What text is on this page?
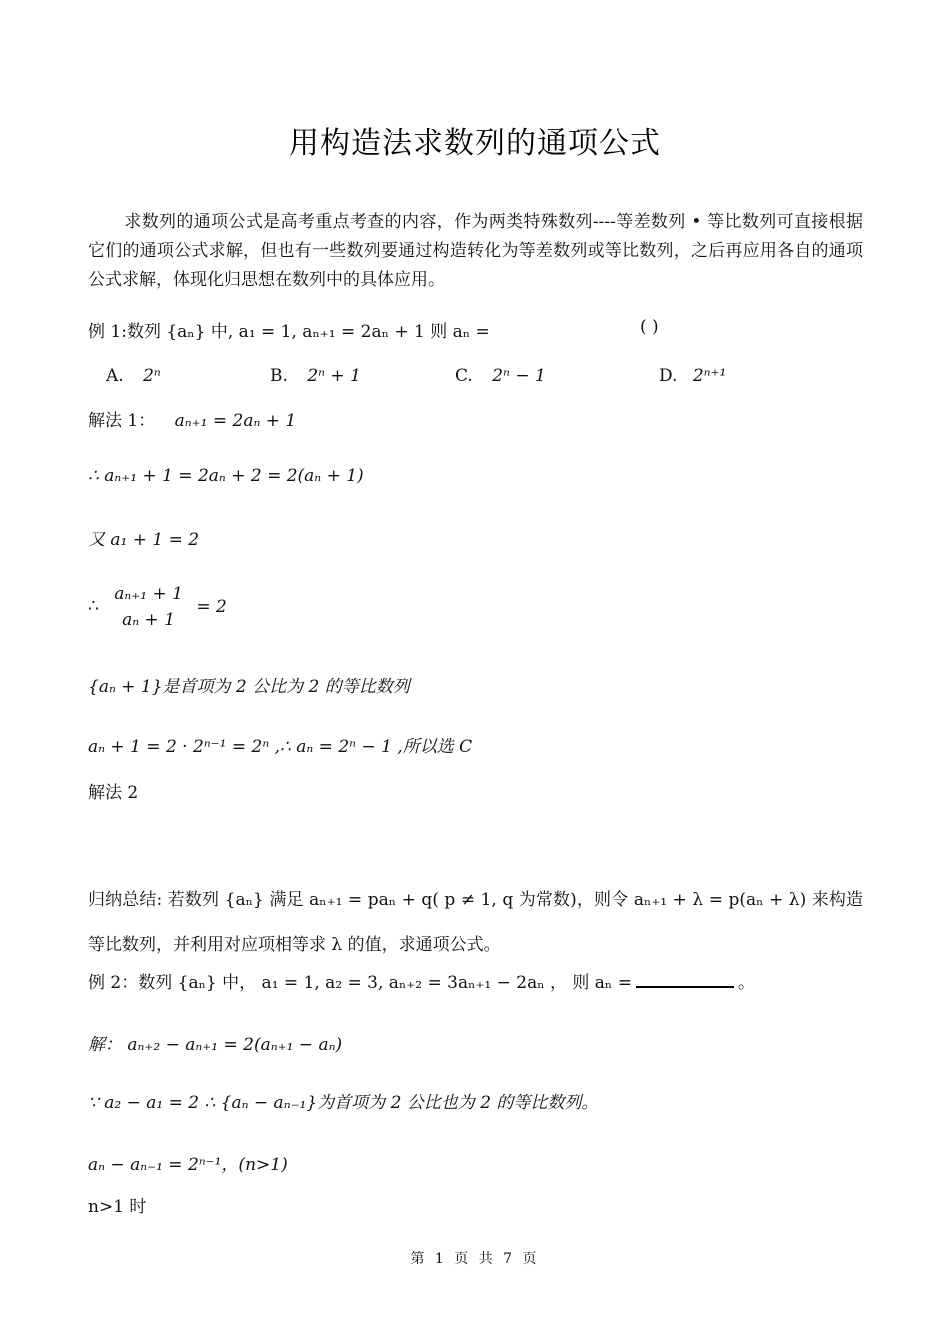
用构造法求数列的通项公式
求数列的通项公式是高考重点考查的内容，作为两类特殊数列----等差数列 • 等比数列可直接根据它们的通项公式求解，但也有一些数列要通过构造转化为等差数列或等比数列，之后再应用各自的通项公式求解，体现化归思想在数列中的具体应用。
例 1:数列 {aₙ} 中, a₁ = 1, aₙ₊₁ = 2aₙ + 1 则 aₙ =	( )
A. 2ⁿ	B. 2ⁿ + 1	C. 2ⁿ − 1	D. 2ⁿ⁺¹
解法 1： aₙ₊₁ = 2aₙ + 1
∴ aₙ₊₁ + 1 = 2aₙ + 2 = 2(aₙ + 1)
又 a₁ + 1 = 2
∴
aₙ₊₁ + 1
aₙ + 1
= 2
{aₙ + 1}是首项为 2 公比为 2 的等比数列
aₙ + 1 = 2 · 2ⁿ⁻¹ = 2ⁿ ,∴ aₙ = 2ⁿ − 1 ,所以选 C
解法 2
归纳总结: 若数列 {aₙ} 满足 aₙ₊₁ = paₙ + q( p ≠ 1, q 为常数)，则令 aₙ₊₁ + λ = p(aₙ + λ) 来构造等比数列，并利用对应项相等求 λ 的值，求通项公式。
例 2：数列 {aₙ} 中， a₁ = 1, a₂ = 3, aₙ₊₂ = 3aₙ₊₁ − 2aₙ ， 则 aₙ =	。
解： aₙ₊₂ − aₙ₊₁ = 2(aₙ₊₁ − aₙ)
∵ a₂ − a₁ = 2 ∴ {aₙ − aₙ₋₁}为首项为 2 公比也为 2 的等比数列。
aₙ − aₙ₋₁ = 2ⁿ⁻¹，(n>1)
n>1 时
第 1 页 共 7 页
